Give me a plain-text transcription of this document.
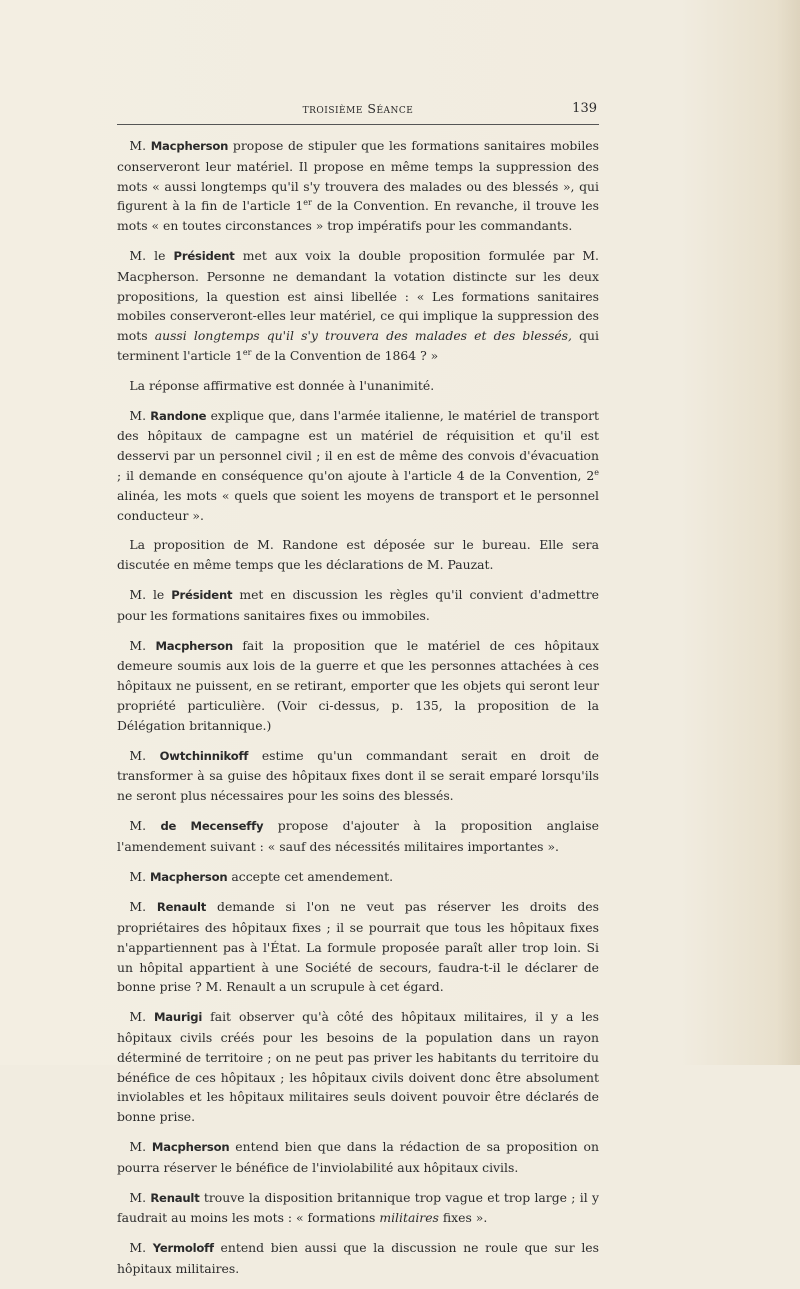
troisième Séance	139

 M. Macpherson propose de stipuler que les formations sanitaires mobiles conserveront leur matériel. Il propose en même temps la suppression des mots « aussi longtemps qu'il s'y trouvera des malades ou des blessés », qui figurent à la fin de l'article 1er de la Convention. En revanche, il trouve les mots « en toutes circonstances » trop impératifs pour les commandants.

 M. le Président met aux voix la double proposition formulée par M. Macpherson. Personne ne demandant la votation distincte sur les deux propositions, la question est ainsi libellée : « Les formations sanitaires mobiles conserveront-elles leur matériel, ce qui implique la suppression des mots aussi longtemps qu'il s'y trouvera des malades et des blessés, qui terminent l'article 1er de la Convention de 1864 ? »

 La réponse affirmative est donnée à l'unanimité.

 M. Randone explique que, dans l'armée italienne, le matériel de transport des hôpitaux de campagne est un matériel de réquisition et qu'il est desservi par un personnel civil ; il en est de même des convois d'évacuation ; il demande en conséquence qu'on ajoute à l'article 4 de la Convention, 2e alinéa, les mots « quels que soient les moyens de transport et le personnel conducteur ».

 La proposition de M. Randone est déposée sur le bureau. Elle sera discutée en même temps que les déclarations de M. Pauzat.

 M. le Président met en discussion les règles qu'il convient d'admettre pour les formations sanitaires fixes ou immobiles.

 M. Macpherson fait la proposition que le matériel de ces hôpitaux demeure soumis aux lois de la guerre et que les personnes attachées à ces hôpitaux ne puissent, en se retirant, emporter que les objets qui seront leur propriété particulière. (Voir ci-dessus, p. 135, la proposition de la Délégation britannique.)

 M. Owtchinnikoff estime qu'un commandant serait en droit de transformer à sa guise des hôpitaux fixes dont il se serait emparé lorsqu'ils ne seront plus nécessaires pour les soins des blessés.

 M. de Mecenseffy propose d'ajouter à la proposition anglaise l'amendement suivant : « sauf des nécessités militaires importantes ».

 M. Macpherson accepte cet amendement.

 M. Renault demande si l'on ne veut pas réserver les droits des propriétaires des hôpitaux fixes ; il se pourrait que tous les hôpitaux fixes n'appartiennent pas à l'État. La formule proposée paraît aller trop loin. Si un hôpital appartient à une Société de secours, faudra-t-il le déclarer de bonne prise ? M. Renault a un scrupule à cet égard.

 M. Maurigi fait observer qu'à côté des hôpitaux militaires, il y a les hôpitaux civils créés pour les besoins de la population dans un rayon déterminé de territoire ; on ne peut pas priver les habitants du territoire du bénéfice de ces hôpitaux ; les hôpitaux civils doivent donc être absolument inviolables et les hôpitaux militaires seuls doivent pouvoir être déclarés de bonne prise.

 M. Macpherson entend bien que dans la rédaction de sa proposition on pourra réserver le bénéfice de l'inviolabilité aux hôpitaux civils.

 M. Renault trouve la disposition britannique trop vague et trop large ; il y faudrait au moins les mots : « formations militaires fixes ».

 M. Yermoloff entend bien aussi que la discussion ne roule que sur les hôpitaux militaires.
